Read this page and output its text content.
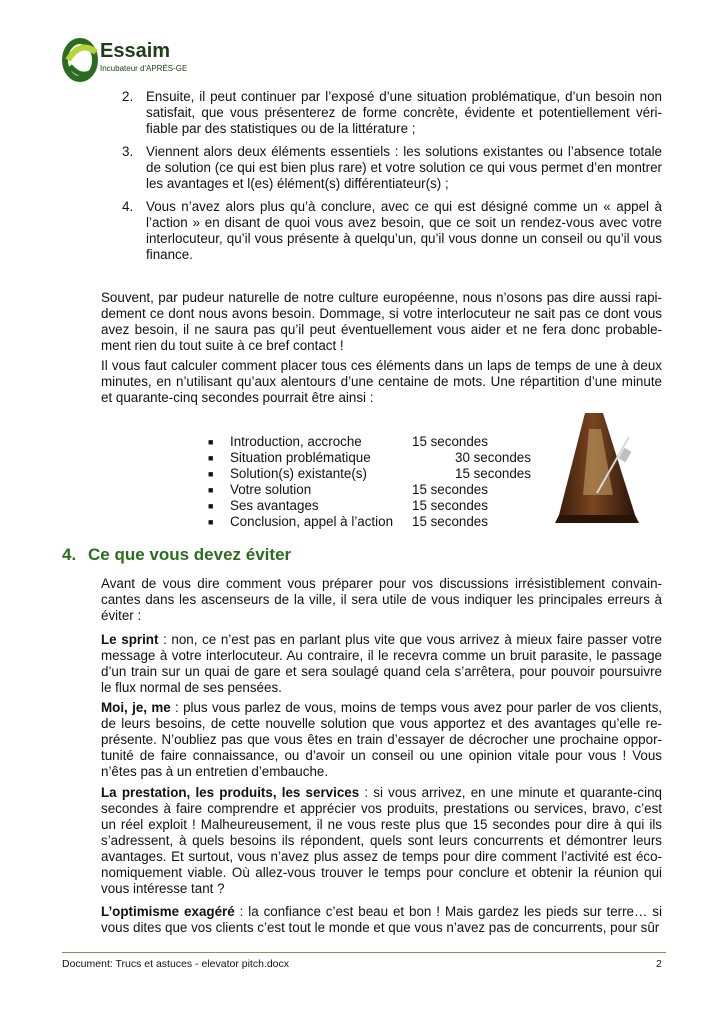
Essaim
Incubateur d'APRÈS-GE
2. Ensuite, il peut continuer par l’exposé d’une situation problématique, d’un besoin non satisfait, que vous présenterez de forme concrète, évidente et potentiellement véri- fiable par des statistiques ou de la littérature ;

3. Viennent alors deux éléments essentiels : les solutions existantes ou l’absence totale de solution (ce qui est bien plus rare) et votre solution ce qui vous permet d’en montrer les avantages et l(es) élément(s) différentiateur(s) ;

4. Vous n’avez alors plus qu’à conclure, avec ce qui est désigné comme un « appel à l’action » en disant de quoi vous avez besoin, que ce soit un rendez-vous avec votre interlocuteur, qu’il vous présente à quelqu’un, qu’il vous donne un conseil ou qu’il vous finance.

Souvent, par pudeur naturelle de notre culture européenne, nous n’osons pas dire aussi rapi- dement ce dont nous avons besoin. Dommage, si votre interlocuteur ne sait pas ce dont vous avez besoin, il ne saura pas qu’il peut éventuellement vous aider et ne fera donc probable- ment rien du tout suite à ce bref contact !

Il vous faut calculer comment placer tous ces éléments dans un laps de temps de une à deux minutes, en n’utilisant qu’aux alentours d’une centaine de mots. Une répartition d’une minute et quarante-cinq secondes pourrait être ainsi :

■ Introduction, accroche	15 secondes
■ Situation problématique	30 secondes
■ Solution(s) existante(s)	15 secondes
■ Votre solution	15 secondes
■ Ses avantages	15 secondes
■ Conclusion, appel à l’action 15 secondes
4. Ce que vous devez éviter

Avant de vous dire comment vous préparer pour vos discussions irrésistiblement convain- cantes dans les ascenseurs de la ville, il sera utile de vous indiquer les principales erreurs à éviter :

Le sprint : non, ce n’est pas en parlant plus vite que vous arrivez à mieux faire passer votre message à votre interlocuteur. Au contraire, il le recevra comme un bruit parasite, le passage d’un train sur un quai de gare et sera soulagé quand cela s’arrêtera, pour pouvoir poursuivre le flux normal de ses pensées.

Moi, je, me : plus vous parlez de vous, moins de temps vous avez pour parler de vos clients, de leurs besoins, de cette nouvelle solution que vous apportez et des avantages qu’elle re- présente. N’oubliez pas que vous êtes en train d’essayer de décrocher une prochaine oppor- tunité de faire connaissance, ou d’avoir un conseil ou une opinion vitale pour vous ! Vous n’êtes pas à un entretien d’embauche.

La prestation, les produits, les services : si vous arrivez, en une minute et quarante-cinq secondes à faire comprendre et apprécier vos produits, prestations ou services, bravo, c’est un réel exploit ! Malheureusement, il ne vous reste plus que 15 secondes pour dire à qui ils s’adressent, à quels besoins ils répondent, quels sont leurs concurrents et démontrer leurs avantages. Et surtout, vous n’avez plus assez de temps pour dire comment l’activité est éco- nomiquement viable. Où allez-vous trouver le temps pour conclure et obtenir la réunion qui vous intéresse tant ?

L’optimisme exagéré : la confiance c’est beau et bon ! Mais gardez les pieds sur terre… si vous dites que vos clients c’est tout le monde et que vous n’avez pas de concurrents, pour sûr

Document: Trucs et astuces - elevator pitch.docx	2
